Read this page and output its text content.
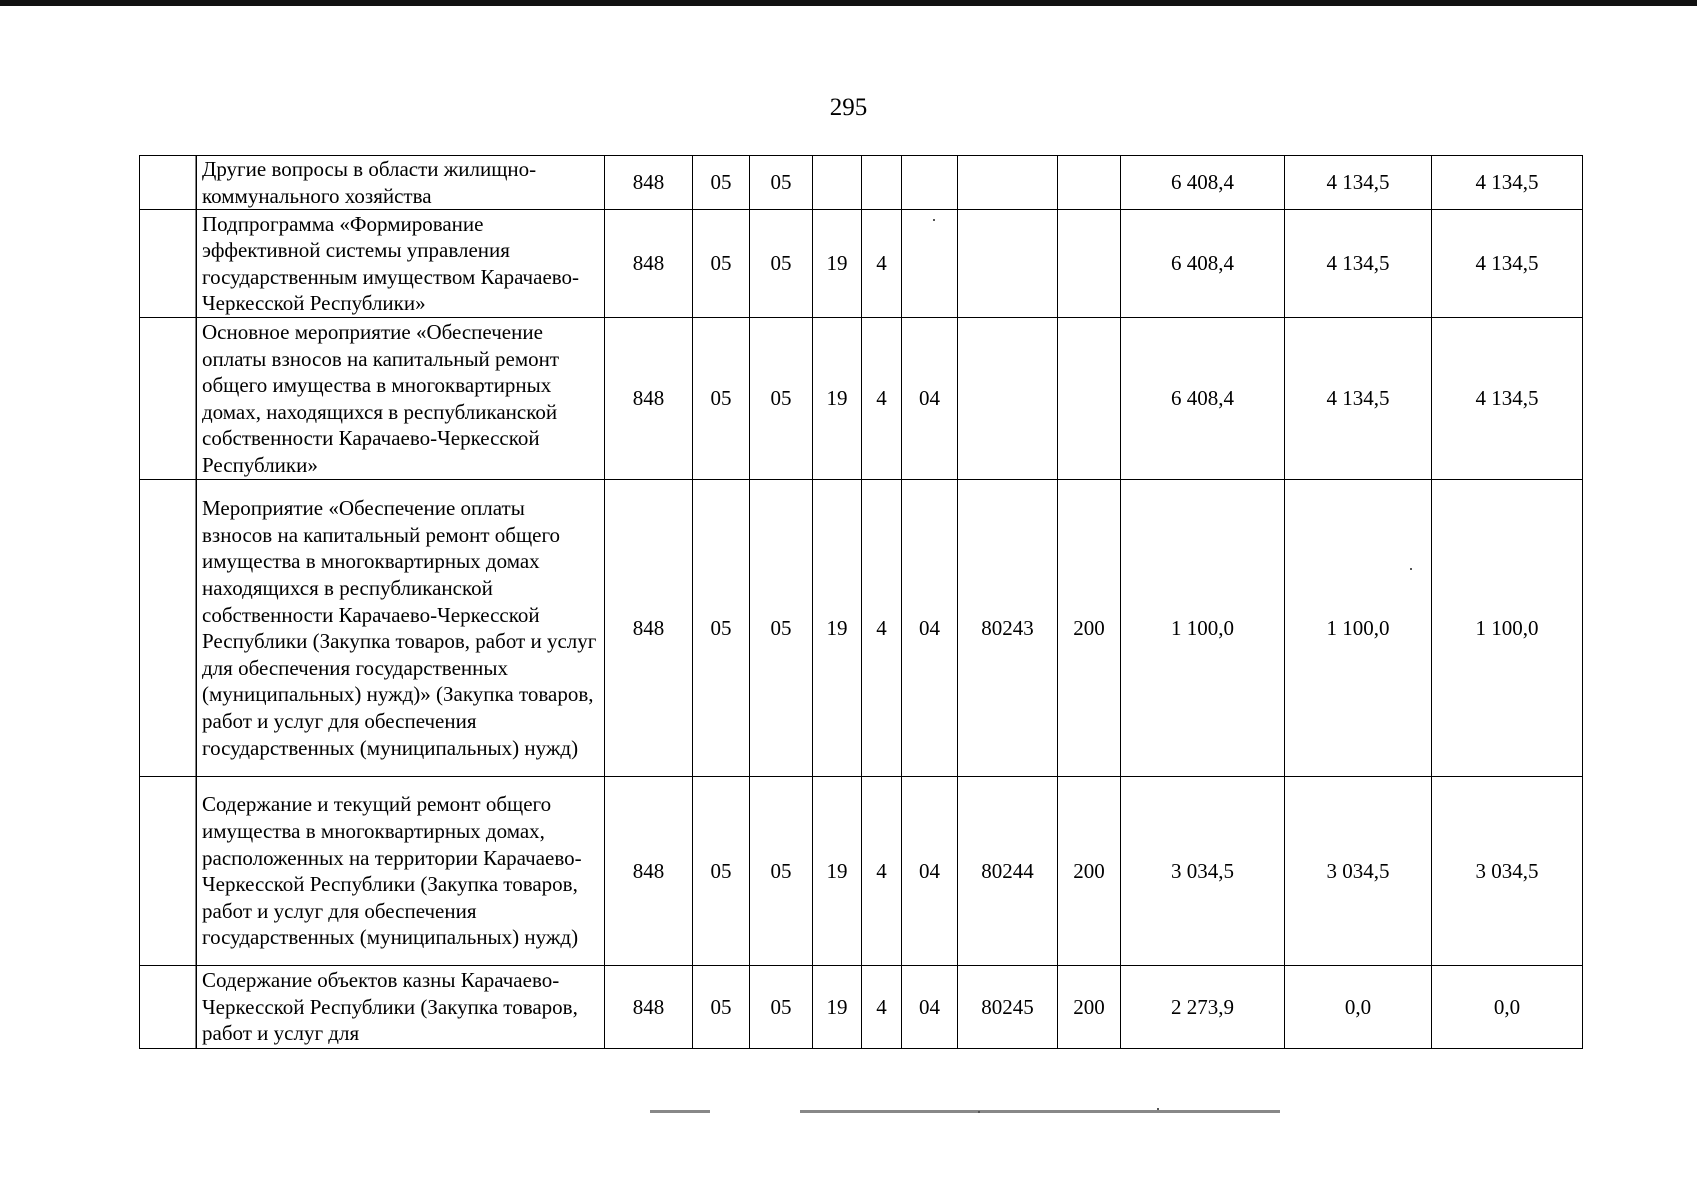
295
Другие вопросы в области жилищно-коммунального хозяйства	848	05	05						6 408,4	4 134,5	4 134,5
Подпрограмма «Формирование эффективной системы управления государственным имуществом Карачаево-Черкесской Республики»	848	05	05	19	4				6 408,4	4 134,5	4 134,5
Основное мероприятие «Обеспечение оплаты взносов на капитальный ремонт общего имущества в многоквартирных домах, находящихся в республиканской собственности Карачаево-Черкесской Республики»	848	05	05	19	4	04			6 408,4	4 134,5	4 134,5
Мероприятие «Обеспечение оплаты взносов на капитальный ремонт общего имущества в многоквартирных домах находящихся в республиканской собственности Карачаево-Черкесской Республики (Закупка товаров, работ и услуг для обеспечения государственных (муниципальных) нужд)» (Закупка товаров, работ и услуг для обеспечения государственных (муниципальных) нужд)	848	05	05	19	4	04	80243	200	1 100,0	1 100,0	1 100,0
Содержание и текущий ремонт общего имущества в многоквартирных домах, расположенных на территории Карачаево-Черкесской Республики (Закупка товаров, работ и услуг для обеспечения государственных (муниципальных) нужд)	848	05	05	19	4	04	80244	200	3 034,5	3 034,5	3 034,5
Содержание объектов казны Карачаево-Черкесской Республики (Закупка товаров, работ и услуг для	848	05	05	19	4	04	80245	200	2 273,9	0,0	0,0
